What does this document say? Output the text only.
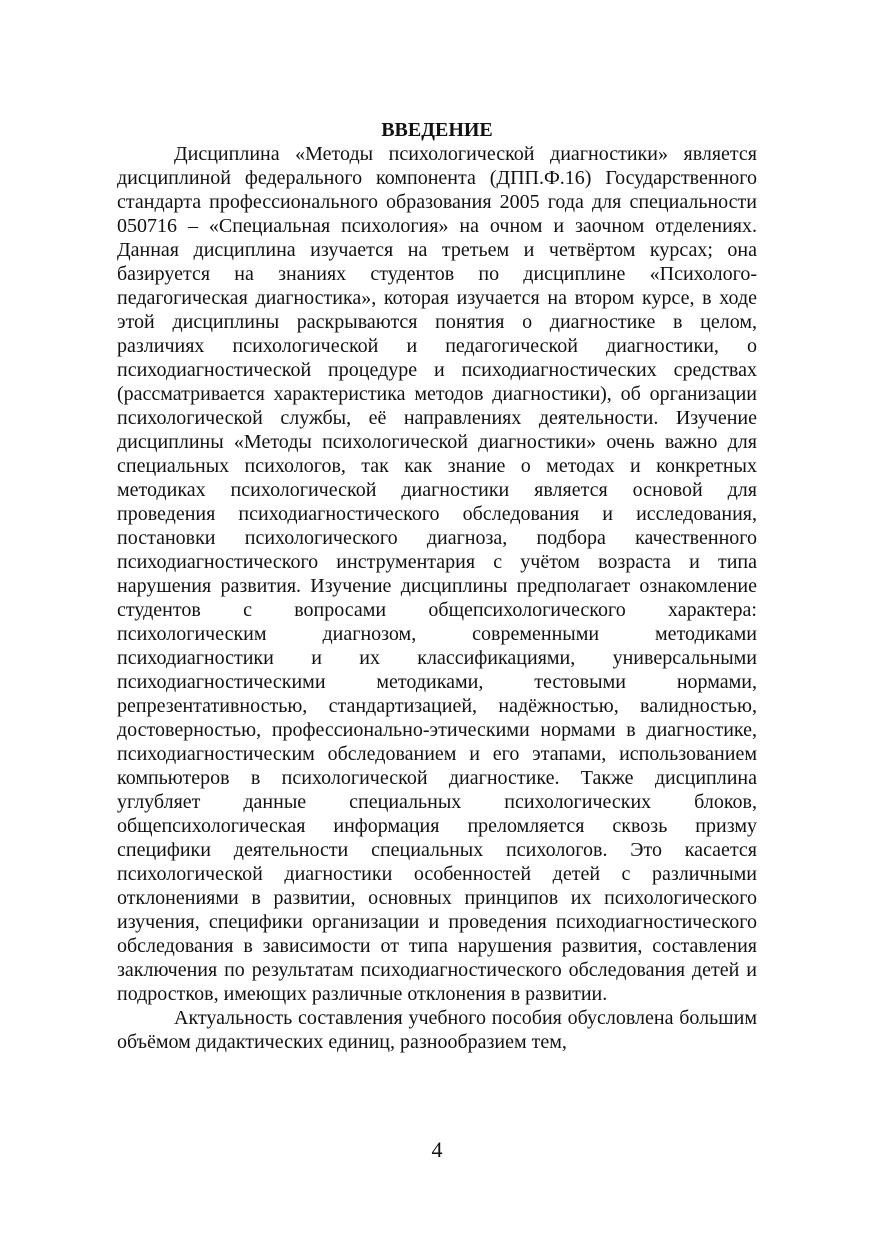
ВВЕДЕНИЕ

Дисциплина «Методы психологической диагностики» является дисциплиной федерального компонента (ДПП.Ф.16) Государственного стандарта профессионального образования 2005 года для специальности 050716 – «Специальная психология» на очном и заочном отделениях. Данная дисциплина изучается на третьем и четвёртом курсах; она базируется на знаниях студентов по дисциплине «Психолого-педагогическая диагностика», которая изучается на втором курсе, в ходе этой дисциплины раскрываются понятия о диагностике в целом, различиях психологической и педагогической диагностики, о психодиагностической процедуре и психодиагностических средствах (рассматривается характеристика методов диагностики), об организации психологической службы, её направлениях деятельности. Изучение дисциплины «Методы психологической диагностики» очень важно для специальных психологов, так как знание о методах и конкретных методиках психологической диагностики является основой для проведения психодиагностического обследования и исследования, постановки психологического диагноза, подбора качественного психодиагностического инструментария с учётом возраста и типа нарушения развития. Изучение дисциплины предполагает ознакомление студентов с вопросами общепсихологического характера: психологическим диагнозом, современными методиками психодиагностики и их классификациями, универсальными психодиагностическими методиками, тестовыми нормами, репрезентативностью, стандартизацией, надёжностью, валидностью, достоверностью, профессионально-этическими нормами в диагностике, психодиагностическим обследованием и его этапами, использованием компьютеров в психологической диагностике. Также дисциплина углубляет данные специальных психологических блоков, общепсихологическая информация преломляется сквозь призму специфики деятельности специальных психологов. Это касается психологической диагностики особенностей детей с различными отклонениями в развитии, основных принципов их психологического изучения, специфики организации и проведения психодиагностического обследования в зависимости от типа нарушения развития, составления заключения по результатам психодиагностического обследования детей и подростков, имеющих различные отклонения в развитии.

Актуальность составления учебного пособия обусловлена большим объёмом дидактических единиц, разнообразием тем,

4
